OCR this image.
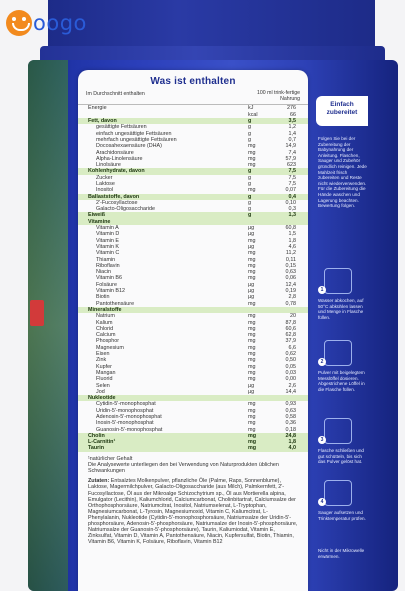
Was ist enthalten
Im Durchschnitt enthalten	100 ml trink-fertige Nahrung
Energie	kJ	276
	kcal	66
Fett, davon	g	3,5
gesättigte Fettsäuren	g	1,2
einfach ungesättigte Fettsäuren	g	1,4
mehrfach ungesättigte Fettsäuren	g	0,7
Docosahexaensäure (DHA)	mg	14,9
Arachidonsäure	mg	7,4
Alpha-Linolensäure	mg	57,9
Linolsäure	mg	623
Kohlenhydrate, davon	g	7,5
Zucker	g	7,5
Laktose	g	7,5
Inositol	mg	0,07
Ballaststoffe, davon	g	0,4
2'-Fucosyllactose	g	0,10
Galacto-Oligosaccharide	g	0,3
Eiweiß	g	1,3
Vitamine		
Vitamin A	µg	60,8
Vitamin D	µg	1,5
Vitamin E	mg	1,8
Vitamin K	µg	4,6
Vitamin C	mg	11,2
Thiamin	mg	0,11
Riboflavin	mg	0,15
Niacin	mg	0,63
Vitamin B6	mg	0,06
Folsäure	µg	12,4
Vitamin B12	µg	0,19
Biotin	µg	2,8
Pantothensäure	mg	0,78
Mineralstoffe		
Natrium	mg	20
Kalium	mg	87,8
Chlorid	mg	60,6
Calcium	mg	62,8
Phosphor	mg	37,9
Magnesium	mg	6,6
Eisen	mg	0,62
Zink	mg	0,50
Kupfer	mg	0,05
Mangan	mg	0,03
Fluorid	mg	0,00
Selen	µg	2,6
Jod	µg	14,4
Nukleotide		
Cytidin-5'-monophosphat	mg	0,93
Uridin-5'-monophosphat	mg	0,63
Adenosin-5'-monophosphat	mg	0,58
Inosin-5'-monophosphat	mg	0,36
Guanosin-5'-monophosphat	mg	0,18
Cholin	mg	24,8
L-Carnitin¹	mg	1,8
Taurin	mg	4,0
¹natürlicher Gehalt
Die Analysewerte unterliegen den bei Verwendung von Naturprodukten üblichen Schwankungen
Zutaten: Entsalztes Molkenpulver, pflanzliche Öle (Palme, Raps, Sonnenblume), Laktose, Magermilchpulver, Galacto-Oligosaccharide (aus Milch), Palmkernfett, 2'-Fucosyllactose, Öl aus der Mikroalge Schizochytrium sp., Öl aus Mortierella alpina, Emulgator (Lecithin), Kaliumchlorid, Calciumcarbonat, Cholinbitartrat, Calciumsalze der Orthophosphorsäure, Natriumcitrat, Inositol, Natriumselenat, L-Tryptophan, Magnesiumcarbonat, L-Tyrosin, Magnesiumoxid, Vitamin C, Kaliumcitrat, L-Phenylalanin, Nukleotide (Cytidin-5'-monophosphorsäure, Natriumsalze der Uridin-5'-phosphorsäure, Adenosin-5'-phosphorsäure, Natriumsalze der Inosin-5'-phosphorsäure, Natriumsalze der Guanosin-5'-phosphorsäure), Taurin, Kaliumiodat, Vitamin E, Zinksulfat, Vitamin D, Vitamin A, Pantothensäure, Niacin, Kupfersulfat, Biotin, Thiamin, Vitamin B6, Vitamin K, Folsäure, Riboflavin, Vitamin B12
Einfach zubereitet
Folgen Sie bei der Zubereitung der Babynahrung der Anleitung. Flaschen, Sauger und Zubehör gründlich reinigen. Jede Mahlzeit frisch zubereiten und Reste nicht wiederverwenden. Für die Zubereitung die Hände waschen und Lagerung beachten. Bewertung folgen.
1
Wasser abkochen, auf 50°C abkühlen lassen und Menge in Flasche füllen.
2
Pulver mit beigelegtem Messlöffel dosieren. Abgestrichene Löffel in die Flasche füllen.
3
Flasche schließen und gut schütteln, bis sich das Pulver gelöst hat.
4
Sauger aufsetzen und Trinktemperatur prüfen.
Nicht in der Mikrowelle erwärmen.
oogo
